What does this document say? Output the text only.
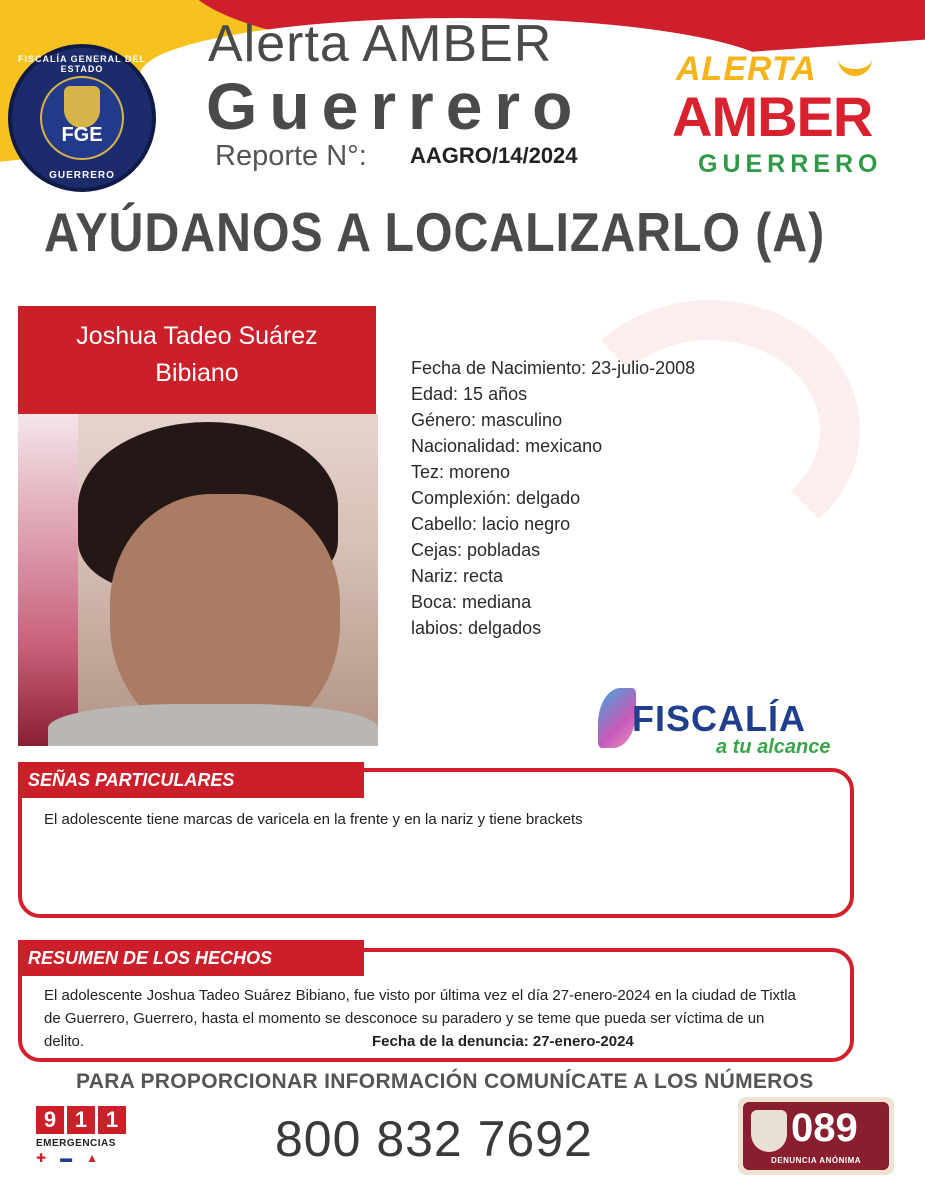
FISCALÍA GENERAL DEL ESTADO
FGE
GUERRERO
Alerta AMBER
Guerrero
Reporte N°: AAGRO/14/2024
ALERTA
AMBER
GUERRERO
AYÚDANOS A LOCALIZARLO (A)
Joshua Tadeo Suárez
Bibiano	Fecha de Nacimiento: 23-julio-2008
Edad: 15 años
Género: masculino
Nacionalidad: mexicano
Tez: moreno
Complexión: delgado
Cabello: lacio negro
Cejas: pobladas
Nariz: recta
Boca: mediana
labios: delgados
FISCALÍA
a tu alcance
SEÑAS PARTICULARES
El adolescente tiene marcas de varicela en la frente y en la nariz y tiene brackets
RESUMEN DE LOS HECHOS
El adolescente Joshua Tadeo Suárez Bibiano, fue visto por última vez el día 27-enero-2024 en la ciudad de Tixtla
de Guerrero, Guerrero, hasta el momento se desconoce su paradero y se teme que pueda ser víctima de un
delito.	Fecha de la denuncia: 27-enero-2024
PARA PROPORCIONAR INFORMACIÓN COMUNÍCATE A LOS NÚMEROS
9 1 1
EMERGENCIAS
✚ ▬ ▲	800 832 7692	089
DENUNCIA ANÓNIMA
